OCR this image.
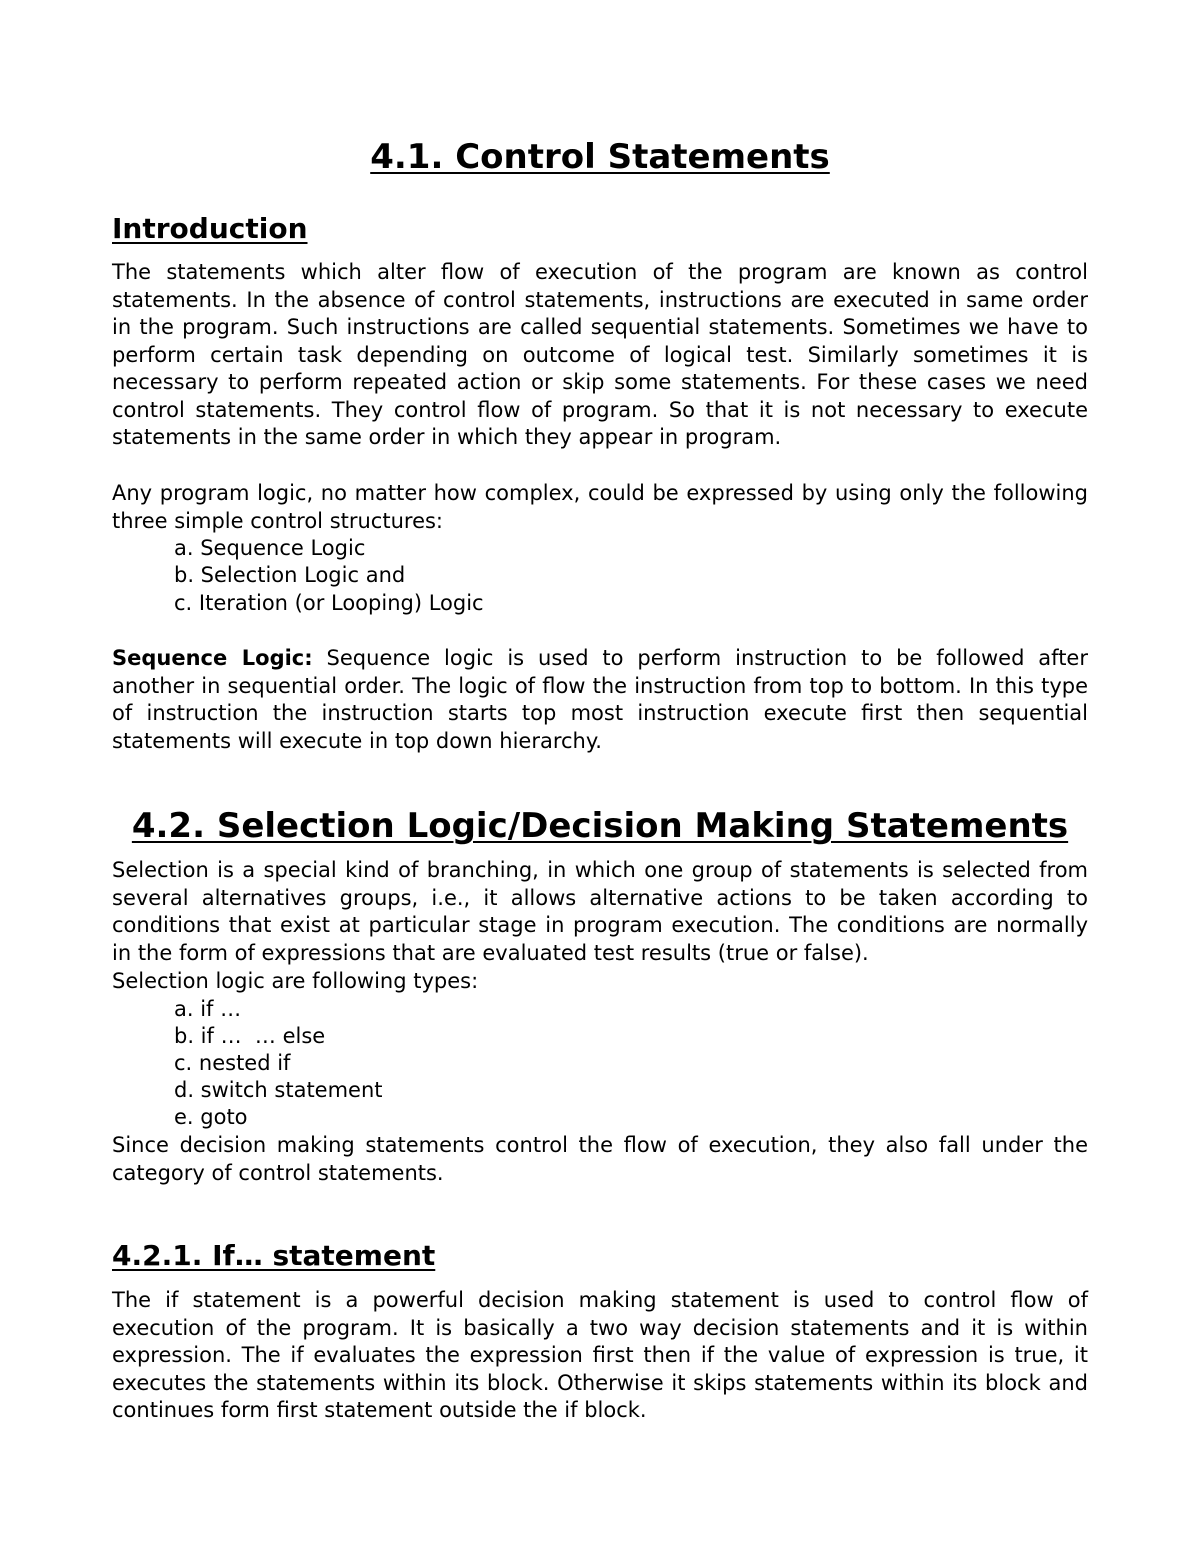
4.1. Control Statements
Introduction

The statements which alter flow of execution of the program are known as control statements. In the absence of control statements, instructions are executed in same order in the program. Such instructions are called sequential statements. Sometimes we have to perform certain task depending on outcome of logical test. Similarly sometimes it is necessary to perform repeated action or skip some statements. For these cases we need control statements. They control flow of program. So that it is not necessary to execute statements in the same order in which they appear in program.

Any program logic, no matter how complex, could be expressed by using only the following three simple control structures:

a. Sequence Logic
b. Selection Logic and
c. Iteration (or Looping) Logic

Sequence Logic: Sequence logic is used to perform instruction to be followed after another in sequential order. The logic of flow the instruction from top to bottom. In this type of instruction the instruction starts top most instruction execute first then sequential statements will execute in top down hierarchy.

4.2. Selection Logic/Decision Making Statements

Selection is a special kind of branching, in which one group of statements is selected from several alternatives groups, i.e., it allows alternative actions to be taken according to conditions that exist at particular stage in program execution. The conditions are normally in the form of expressions that are evaluated test results (true or false).

Selection logic are following types:
a. if …
b. if …  … else
c. nested if
d. switch statement
e. goto

Since decision making statements control the flow of execution, they also fall under the category of control statements.

4.2.1. If… statement

The if statement is a powerful decision making statement is used to control flow of execution of the program. It is basically a two way decision statements and it is within expression. The if evaluates the expression first then if the value of expression is true, it executes the statements within its block. Otherwise it skips statements within its block and continues form first statement outside the if block.
